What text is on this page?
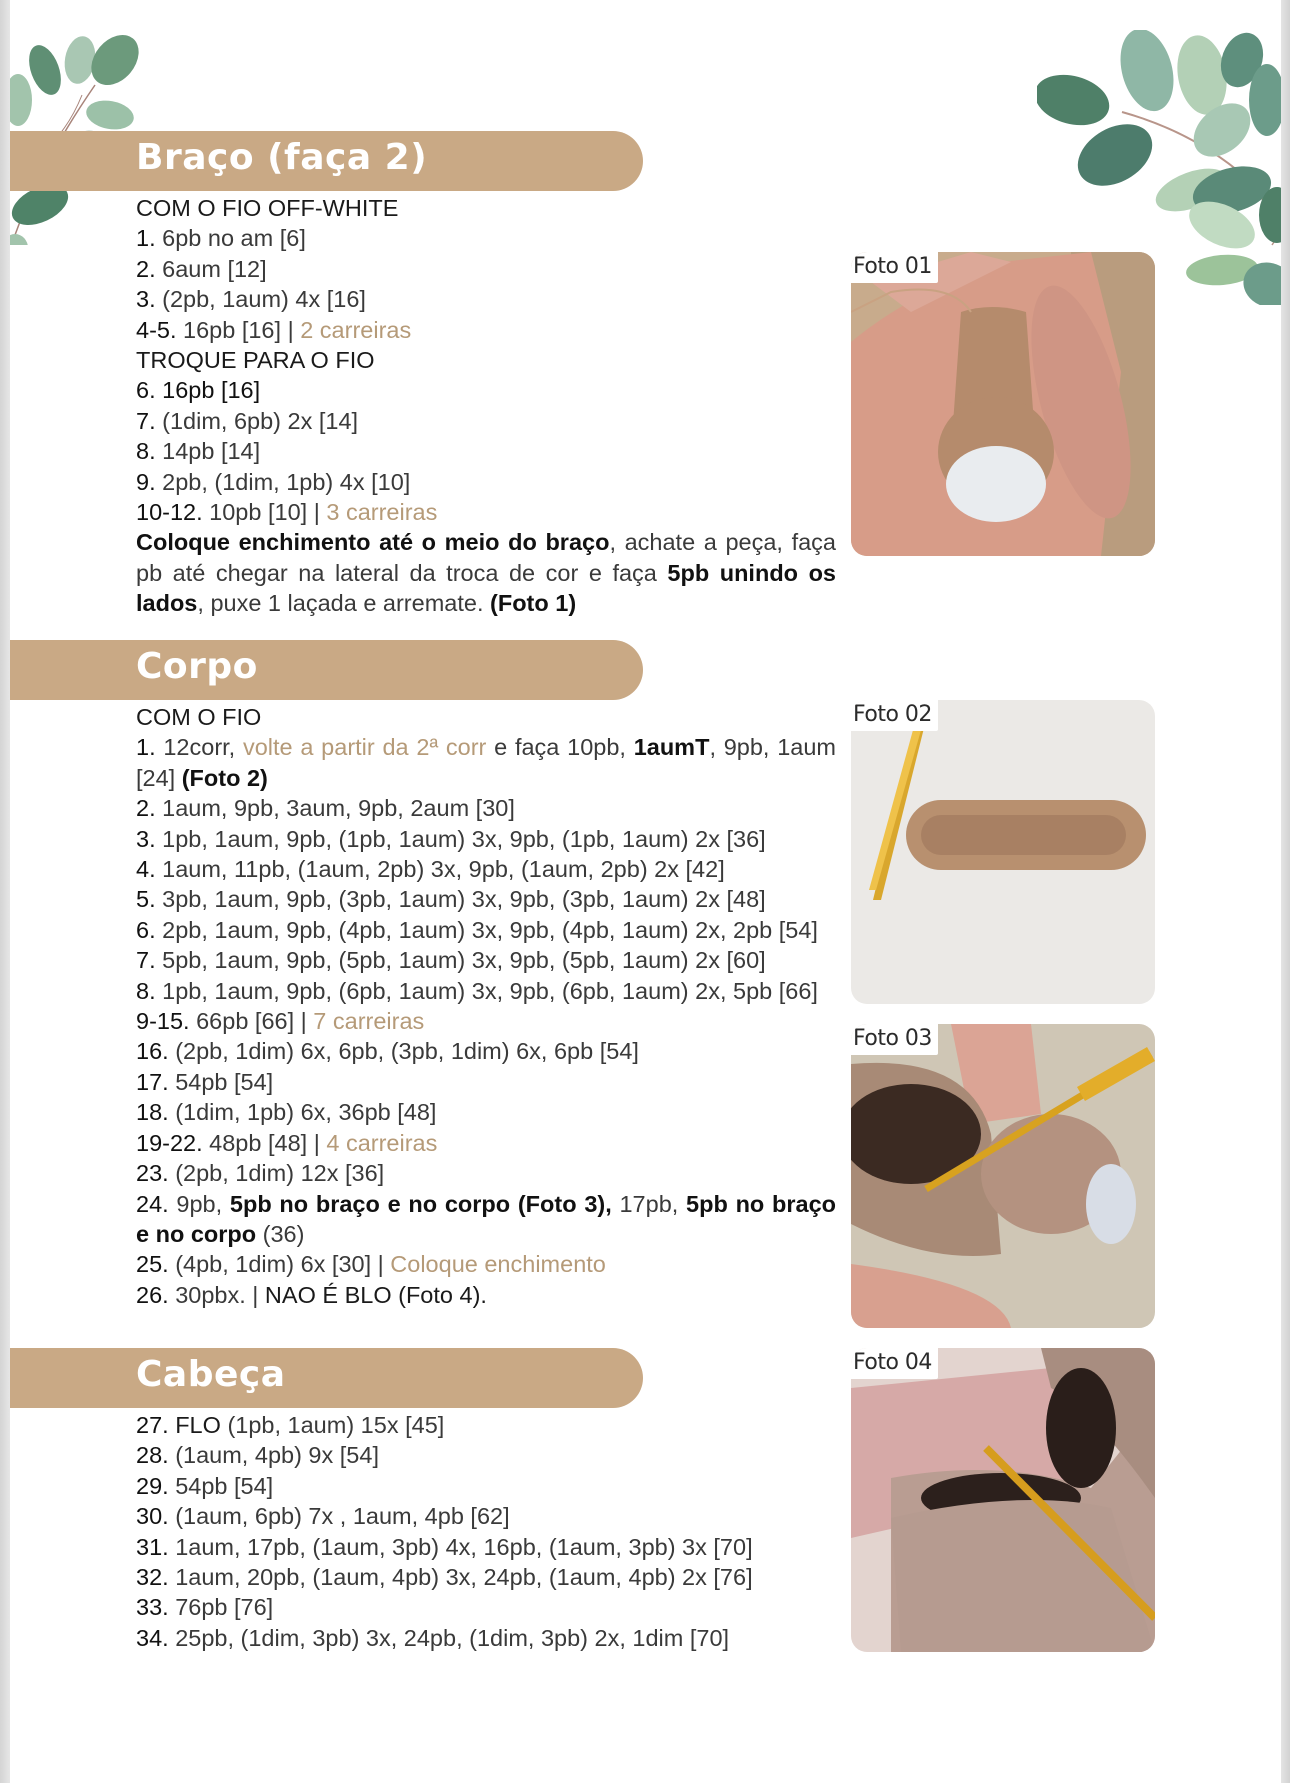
Braço (faça 2)
COM O FIO OFF-WHITE
1. 6pb no am [6]
2. 6aum [12]
3. (2pb, 1aum) 4x [16]
4-5. 16pb [16] | 2 carreiras
TROQUE PARA O FIO
6. 16pb [16]
7. (1dim, 6pb) 2x [14]
8. 14pb [14]
9. 2pb, (1dim, 1pb) 4x [10]
10-12. 10pb [10] | 3 carreiras
Coloque enchimento até o meio do braço, achate a peça, faça pb até chegar na lateral da troca de cor e faça 5pb unindo os lados, puxe 1 laçada e arremate. (Foto 1)
Corpo
COM O FIO
1. 12corr, volte a partir da 2ª corr e faça 10pb, 1aumT, 9pb, 1aum [24] (Foto 2)
2. 1aum, 9pb, 3aum, 9pb, 2aum [30]
3. 1pb, 1aum, 9pb, (1pb, 1aum) 3x, 9pb, (1pb, 1aum) 2x [36]
4. 1aum, 11pb, (1aum, 2pb) 3x, 9pb, (1aum, 2pb) 2x [42]
5. 3pb, 1aum, 9pb, (3pb, 1aum) 3x, 9pb, (3pb, 1aum) 2x [48]
6. 2pb, 1aum, 9pb, (4pb, 1aum) 3x, 9pb, (4pb, 1aum) 2x, 2pb [54]
7. 5pb, 1aum, 9pb, (5pb, 1aum) 3x, 9pb, (5pb, 1aum) 2x [60]
8. 1pb, 1aum, 9pb, (6pb, 1aum) 3x, 9pb, (6pb, 1aum) 2x, 5pb [66]
9-15. 66pb [66] | 7 carreiras
16. (2pb, 1dim) 6x, 6pb, (3pb, 1dim) 6x, 6pb [54]
17. 54pb [54]
18. (1dim, 1pb) 6x, 36pb [48]
19-22. 48pb [48] | 4 carreiras
23. (2pb, 1dim) 12x [36]
24. 9pb, 5pb no braço e no corpo (Foto 3), 17pb, 5pb no braço e no corpo (36)
25. (4pb, 1dim) 6x [30] | Coloque enchimento
26. 30pbx. | NAO É BLO (Foto 4).
Cabeça
27. FLO (1pb, 1aum) 15x [45]
28. (1aum, 4pb) 9x [54]
29. 54pb [54]
30. (1aum, 6pb) 7x , 1aum, 4pb [62]
31. 1aum, 17pb, (1aum, 3pb) 4x, 16pb, (1aum, 3pb) 3x [70]
32. 1aum, 20pb, (1aum, 4pb) 3x, 24pb, (1aum, 4pb) 2x [76]
33. 76pb [76]
34. 25pb, (1dim, 3pb) 3x, 24pb, (1dim, 3pb) 2x, 1dim [70]
Foto 01
Foto 02
Foto 03
Foto 04
